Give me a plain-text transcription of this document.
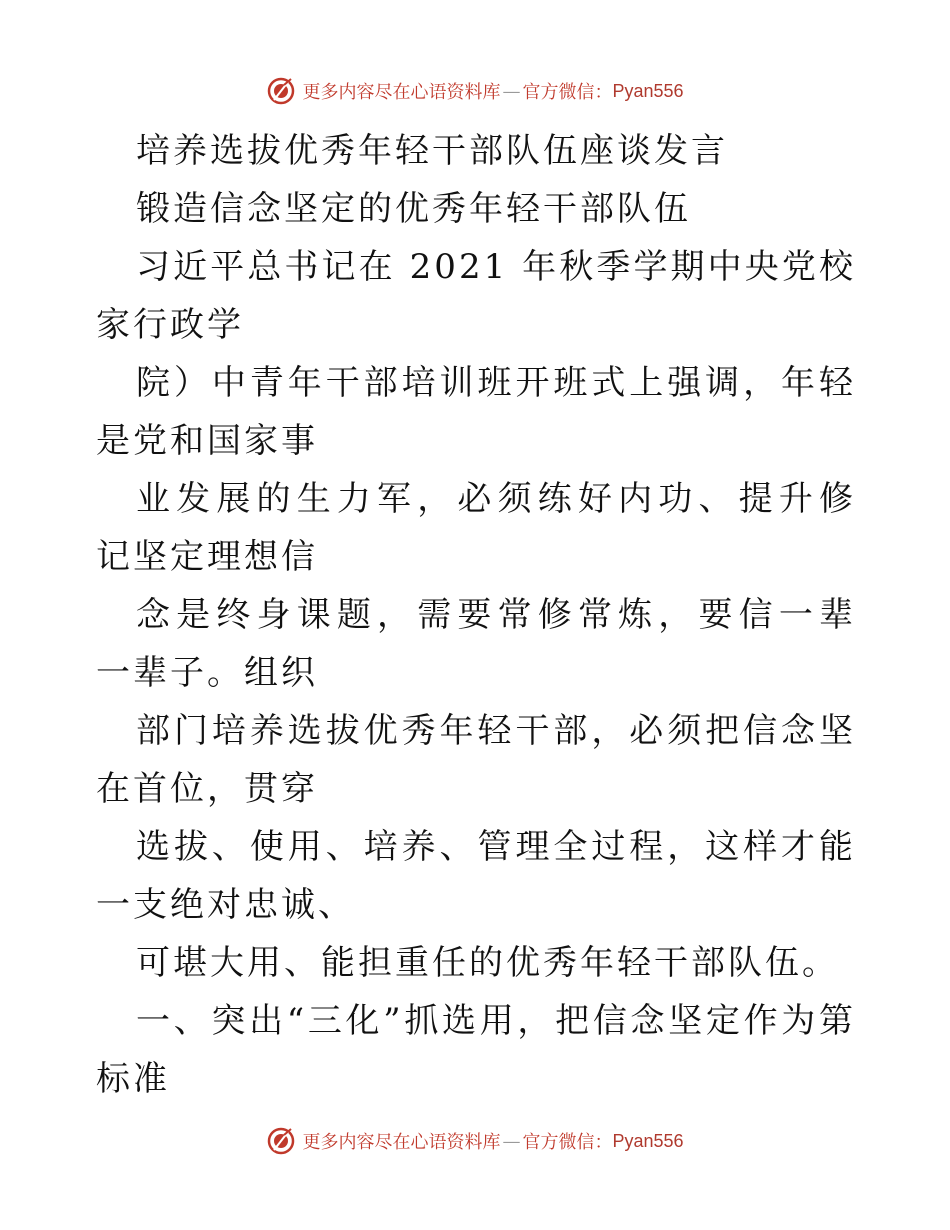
更多内容尽在心语资料库 — 官方微信： Pyan556
培养选拔优秀年轻干部队伍座谈发言
锻造信念坚定的优秀年轻干部队伍
习近平总书记在 2021 年秋季学期中央党校
家行政学
院）中青年干部培训班开班式上强调，年轻
是党和国家事
业发展的生力军，必须练好内功、提升修
记坚定理想信
念是终身课题，需要常修常炼，要信一辈
一辈子。组织
部门培养选拔优秀年轻干部，必须把信念坚
在首位，贯穿
选拔、使用、培养、管理全过程，这样才能
一支绝对忠诚、
可堪大用、能担重任的优秀年轻干部队伍。
一、突出“三化”抓选用，把信念坚定作为第
标准
更多内容尽在心语资料库 — 官方微信： Pyan556
